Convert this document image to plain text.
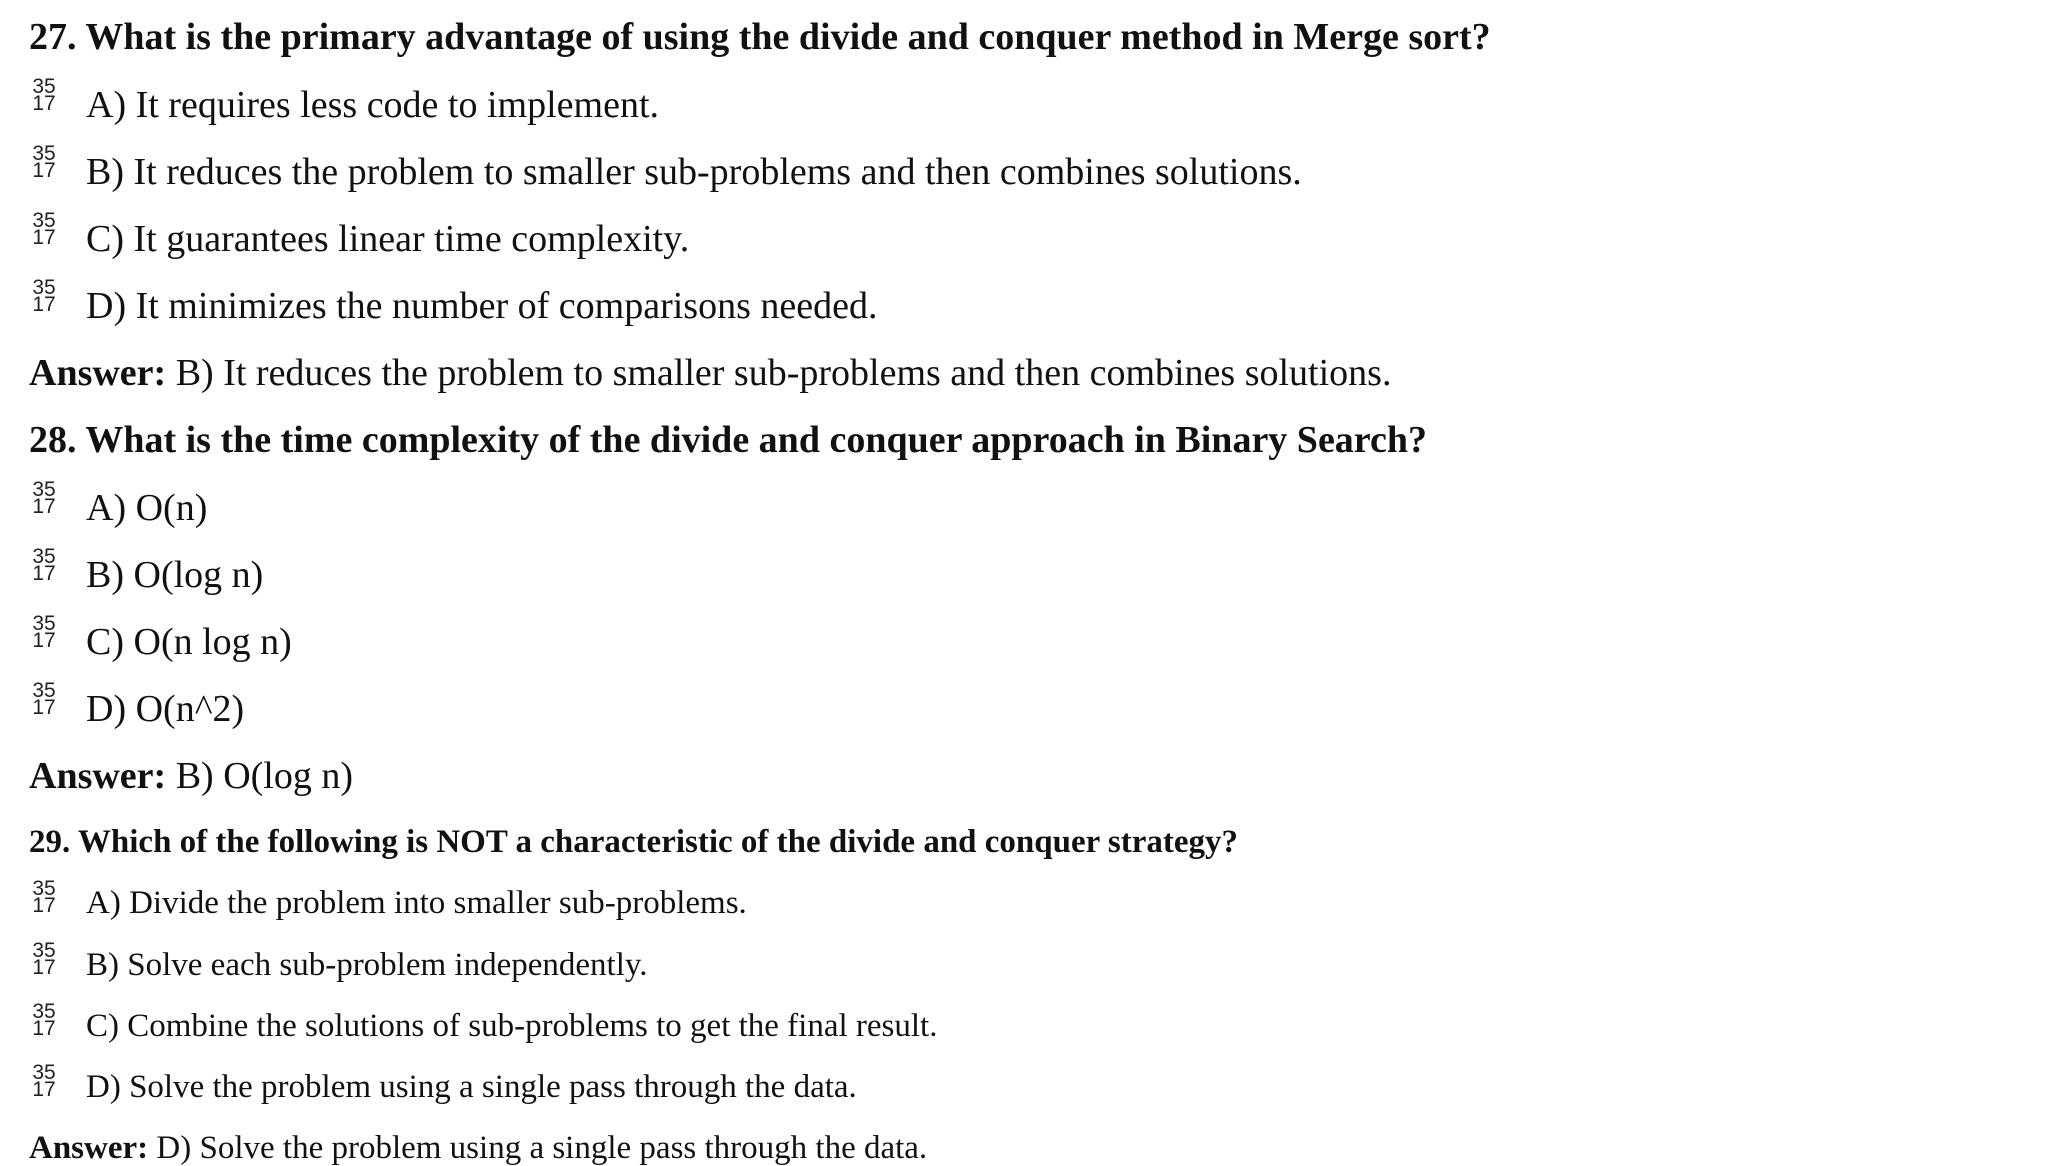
27. What is the primary advantage of using the divide and conquer method in Merge sort?
35
17 A) It requires less code to implement.
35
17 B) It reduces the problem to smaller sub-problems and then combines solutions.
35
17 C) It guarantees linear time complexity.
35
17 D) It minimizes the number of comparisons needed.
Answer: B) It reduces the problem to smaller sub-problems and then combines solutions.
28. What is the time complexity of the divide and conquer approach in Binary Search?
35
17 A) O(n)
35
17 B) O(log n)
35
17 C) O(n log n)
35
17 D) O(n^2)
Answer: B) O(log n)
29. Which of the following is NOT a characteristic of the divide and conquer strategy?
35
17 A) Divide the problem into smaller sub-problems.
35
17 B) Solve each sub-problem independently.
35
17 C) Combine the solutions of sub-problems to get the final result.
35
17 D) Solve the problem using a single pass through the data.
Answer: D) Solve the problem using a single pass through the data.
